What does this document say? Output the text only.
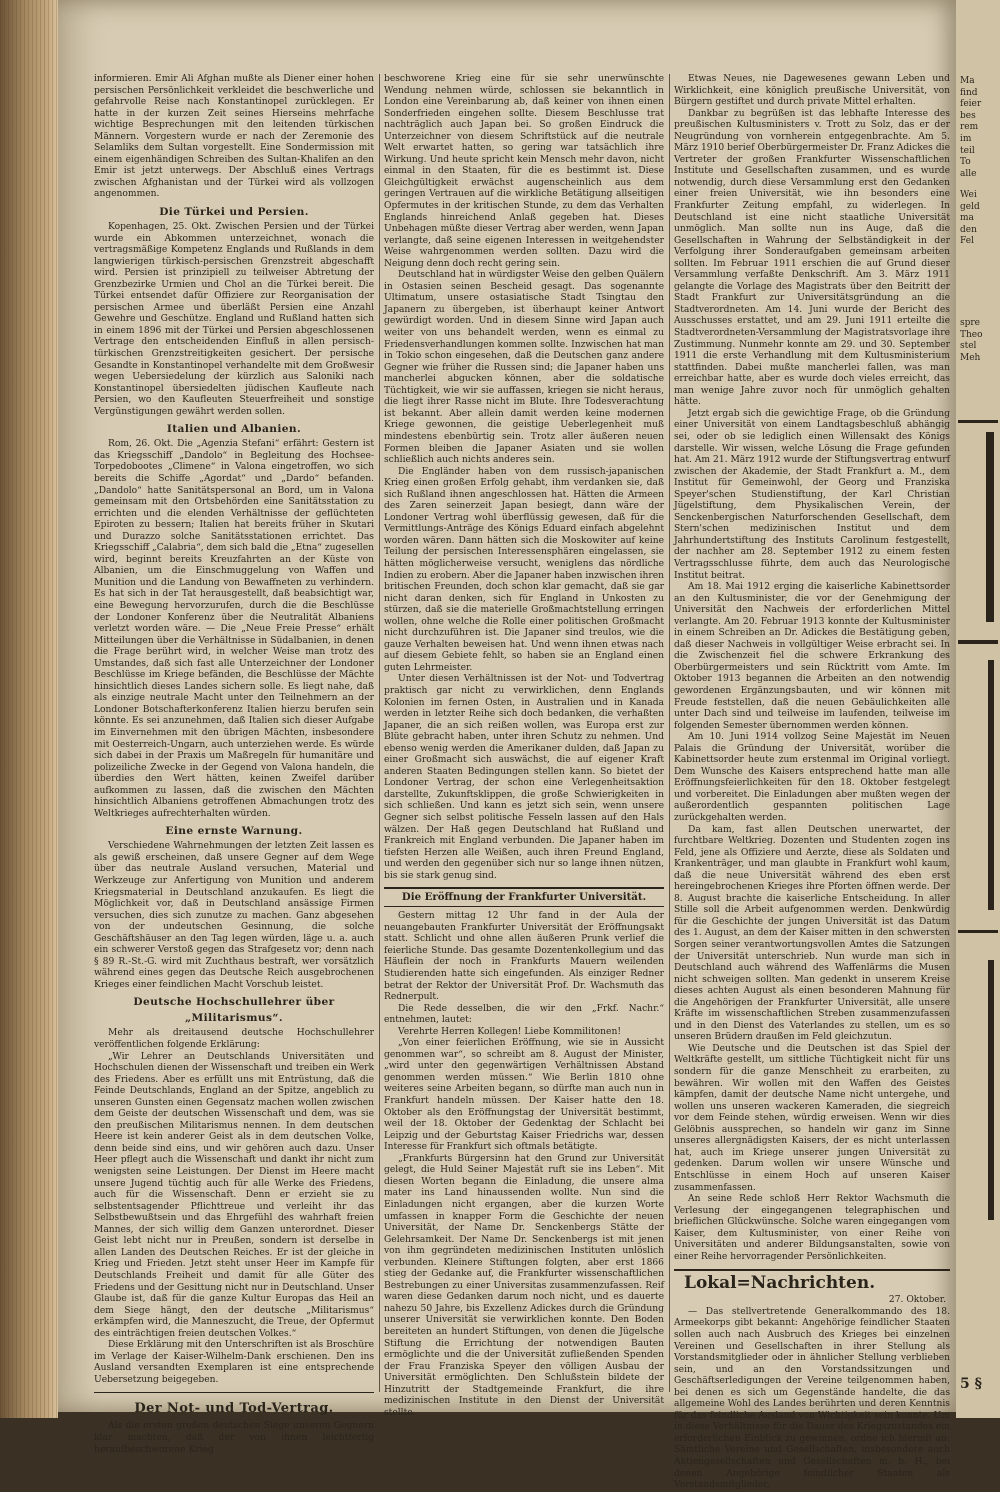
informieren. Emir Ali Afghan mußte als Diener einer hohen persischen Persönlichkeit verkleidet die beschwerliche und gefahrvolle Reise nach Konstantinopel zurücklegen. Er hatte in der kurzen Zeit seines Hierseins mehrfache wichtige Besprechungen mit den leitenden türkischen Männern. Vorgestern wurde er nach der Zeremonie des Selamliks dem Sultan vorgestellt. Eine Sondermission mit einem eigenhändigen Schreiben des Sultan-Khalifen an den Emir ist jetzt unterwegs. Der Abschluß eines Vertrags zwischen Afghanistan und der Türkei wird als vollzogen angenommen.

Die Türkei und Persien.

Kopenhagen, 25. Okt. Zwischen Persien und der Türkei wurde ein Abkommen unterzeichnet, wonach die vertragsmäßige Kompetenz Englands und Rußlands in dem langwierigen türkisch-persischen Grenzstreit abgeschafft wird. Persien ist prinzipiell zu teilweiser Abtretung der Grenzbezirke Urmien und Chol an die Türkei bereit. Die Türkei entsendet dafür Offiziere zur Reorganisation der persischen Armee und überläßt Persien eine Anzahl Gewehre und Geschütze. England und Rußland hatten sich in einem 1896 mit der Türkei und Persien abgeschlossenen Vertrage den entscheidenden Einfluß in allen persisch-türkischen Grenzstreitigkeiten gesichert. Der persische Gesandte in Konstantinopel verhandelte mit dem Großwesir wegen Uebersiedelung der kürzlich aus Saloniki nach Konstantinopel übersiedelten jüdischen Kaufleute nach Persien, wo den Kaufleuten Steuerfreiheit und sonstige Vergünstigungen gewährt werden sollen.

Italien und Albanien.

Rom, 26. Okt. Die „Agenzia Stefani“ erfährt: Gestern ist das Kriegsschiff „Dandolo“ in Begleitung des Hochsee-Torpedobootes „Climene“ in Valona eingetroffen, wo sich bereits die Schiffe „Agordat“ und „Dardo“ befanden. „Dandolo“ hatte Sanitätspersonal an Bord, um in Valona gemeinsam mit den Ortsbehörden eine Sanitätsstation zu errichten und die elenden Verhältnisse der geflüchteten Epiroten zu bessern; Italien hat bereits früher in Skutari und Durazzo solche Sanitätsstationen errichtet. Das Kriegsschiff „Calabria“, dem sich bald die „Etna“ zugesellen wird, beginnt bereits Kreuzfahrten an der Küste von Albanien, um die Einschmuggelung von Waffen und Munition und die Landung von Bewaffneten zu verhindern. Es hat sich in der Tat herausgestellt, daß beabsichtigt war, eine Bewegung hervorzurufen, durch die die Beschlüsse der Londoner Konferenz über die Neutralität Albaniens verletzt worden wäre. — Die „Neue Freie Presse“ erhält Mitteilungen über die Verhältnisse in Südalbanien, in denen die Frage berührt wird, in welcher Weise man trotz des Umstandes, daß sich fast alle Unterzeichner der Londoner Beschlüsse im Kriege befänden, die Beschlüsse der Mächte hinsichtlich dieses Landes sichern solle. Es liegt nahe, daß als einzige neutrale Macht unter den Teilnehmern an der Londoner Botschafterkonferenz Italien hierzu berufen sein könnte. Es sei anzunehmen, daß Italien sich dieser Aufgabe im Einvernehmen mit den übrigen Mächten, insbesondere mit Oesterreich-Ungarn, auch unterziehen werde. Es würde sich dabei in der Praxis um Maßregeln für humanitäre und polizeiliche Zwecke in der Gegend von Valona handeln, die überdies den Wert hätten, keinen Zweifel darüber aufkommen zu lassen, daß die zwischen den Mächten hinsichtlich Albaniens getroffenen Abmachungen trotz des Weltkrieges aufrechterhalten würden.

Eine ernste Warnung.

Verschiedene Wahrnehmungen der letzten Zeit lassen es als gewiß erscheinen, daß unsere Gegner auf dem Wege über das neutrale Ausland versuchen, Material und Werkzeuge zur Anfertigung von Munition und anderem Kriegsmaterial in Deutschland anzukaufen. Es liegt die Möglichkeit vor, daß in Deutschland ansässige Firmen versuchen, dies sich zunutze zu machen. Ganz abgesehen von der undeutschen Gesinnung, die solche Geschäftshäuser an den Tag legen würden, läge u. a. auch ein schwerer Verstoß gegen das Strafgesetz vor; denn nach § 89 R.-St.-G. wird mit Zuchthaus bestraft, wer vorsätzlich während eines gegen das Deutsche Reich ausgebrochenen Krieges einer feindlichen Macht Vorschub leistet.

Deutsche Hochschullehrer über „Militarismus“.

Mehr als dreitausend deutsche Hochschullehrer veröffentlichen folgende Erklärung:

„Wir Lehrer an Deutschlands Universitäten und Hochschulen dienen der Wissenschaft und treiben ein Werk des Friedens. Aber es erfüllt uns mit Entrüstung, daß die Feinde Deutschlands, England an der Spitze, angeblich zu unseren Gunsten einen Gegensatz machen wollen zwischen dem Geiste der deutschen Wissenschaft und dem, was sie den preußischen Militarismus nennen. In dem deutschen Heere ist kein anderer Geist als in dem deutschen Volke, denn beide sind eins, und wir gehören auch dazu. Unser Heer pflegt auch die Wissenschaft und dankt ihr nicht zum wenigsten seine Leistungen. Der Dienst im Heere macht unsere Jugend tüchtig auch für alle Werke des Friedens, auch für die Wissenschaft. Denn er erzieht sie zu selbstentsagender Pflichttreue und verleiht ihr das Selbstbewußtsein und das Ehrgefühl des wahrhaft freien Mannes, der sich willig dem Ganzen unterordnet. Dieser Geist lebt nicht nur in Preußen, sondern ist derselbe in allen Landen des Deutschen Reiches. Er ist der gleiche in Krieg und Frieden. Jetzt steht unser Heer im Kampfe für Deutschlands Freiheit und damit für alle Güter des Friedens und der Gesittung nicht nur in Deutschland. Unser Glaube ist, daß für die ganze Kultur Europas das Heil an dem Siege hängt, den der deutsche „Militarismus“ erkämpfen wird, die Manneszucht, die Treue, der Opfermut des einträchtigen freien deutschen Volkes.“

Diese Erklärung mit den Unterschriften ist als Broschüre im Verlage der Kaiser-Wilhelm-Dank erschienen. Den ins Ausland versandten Exemplaren ist eine entsprechende Uebersetzung beigegeben.

Der Not- und Tod-Vertrag.

Als die ersten großen deutschen Siege unseren Gegnern klar machten, daß der von ihnen leichtfertig heraufbeschworene Krieg

beschworene Krieg eine für sie sehr unerwünschte Wendung nehmen würde, schlossen sie bekanntlich in London eine Vereinbarung ab, daß keiner von ihnen einen Sonderfrieden eingehen sollte. Diesem Beschlusse trat nachträglich auch Japan bei. So großen Eindruck die Unterzeichner von diesem Schriftstück auf die neutrale Welt erwartet hatten, so gering war tatsächlich ihre Wirkung. Und heute spricht kein Mensch mehr davon, nicht einmal in den Staaten, für die es bestimmt ist. Diese Gleichgültigkeit erwächst augenscheinlich aus dem geringen Vertrauen auf die wirkliche Betätigung allseitigen Opfermutes in der kritischen Stunde, zu dem das Verhalten Englands hinreichend Anlaß gegeben hat. Dieses Unbehagen müßte dieser Vertrag aber werden, wenn Japan verlangte, daß seine eigenen Interessen in weitgehendster Weise wahrgenommen werden sollten. Dazu wird die Neigung denn doch recht gering sein.

Deutschland hat in würdigster Weise den gelben Quälern in Ostasien seinen Bescheid gesagt. Das sogenannte Ultimatum, unsere ostasiatische Stadt Tsingtau den Japanern zu übergeben, ist überhaupt keiner Antwort gewürdigt worden. Und in diesem Sinne wird Japan auch weiter von uns behandelt werden, wenn es einmal zu Friedensverhandlungen kommen sollte. Inzwischen hat man in Tokio schon eingesehen, daß die Deutschen ganz andere Gegner wie früher die Russen sind; die Japaner haben uns mancherlei abgucken können, aber die soldatische Tüchtigkeit, wie wir sie auffassen, kriegen sie nicht heraus, die liegt ihrer Rasse nicht im Blute. Ihre Todesverachtung ist bekannt. Aber allein damit werden keine modernen Kriege gewonnen, die geistige Ueberlegenheit muß mindestens ebenbürtig sein. Trotz aller äußeren neuen Formen bleiben die Japaner Asiaten und sie wollen schließlich auch nichts anderes sein.

Die Engländer haben von dem russisch-japanischen Krieg einen großen Erfolg gehabt, ihm verdanken sie, daß sich Rußland ihnen angeschlossen hat. Hätten die Armeen des Zaren seinerzeit Japan besiegt, dann wäre der Londoner Vertrag wohl überflüssig gewesen, daß für die Vermittlungs-Anträge des Königs Eduard einfach abgelehnt worden wären. Dann hätten sich die Moskowiter auf keine Teilung der persischen Interessensphären eingelassen, sie hätten möglicherweise versucht, weniglens das nördliche Indien zu erobern. Aber die Japaner haben inzwischen ihren britischen Freunden, doch schon klar gemacht, daß sie gar nicht daran denken, sich für England in Unkosten zu stürzen, daß sie die materielle Großmachtstellung erringen wollen, ohne welche die Rolle einer politischen Großmacht nicht durchzuführen ist. Die Japaner sind treulos, wie die gauze Verhalten beweisen hat. Und wenn ihnen etwas nach auf diesem Gebiete fehlt, so haben sie an England einen guten Lehrmeister.

Unter diesen Verhältnissen ist der Not- und Todvertrag praktisch gar nicht zu verwirklichen, denn Englands Kolonien im fernen Osten, in Australien und in Kanada werden in letzter Reihe sich doch bedanken, die verhaßten Japaner, die an sich reißen wollen, was Europa erst zur Blüte gebracht haben, unter ihren Schutz zu nehmen. Und ebenso wenig werden die Amerikaner dulden, daß Japan zu einer Großmacht sich auswächst, die auf eigener Kraft anderen Staaten Bedingungen stellen kann. So bietet der Londoner Vertrag, der schon eine Verlegenheitsaktion darstellte, Zukunftsklippen, die große Schwierigkeiten in sich schließen. Und kann es jetzt sich sein, wenn unsere Gegner sich selbst politische Fesseln lassen auf den Hals wälzen. Der Haß gegen Deutschland hat Rußland und Frankreich mit England verbunden. Die Japaner haben im tiefsten Herzen alle Weißen, auch ihren Freund England, und werden den gegenüber sich nur so lange ihnen nützen, bis sie stark genug sind.

Die Eröffnung der Frankfurter Universität.

Gestern mittag 12 Uhr fand in der Aula der neuangebauten Frankfurter Universität der Eröffnungsakt statt. Schlicht und ohne allen äußeren Prunk verlief die feierliche Stunde. Das gesamte Dozentenkollegium und das Häuflein der noch in Frankfurts Mauern weilenden Studierenden hatte sich eingefunden. Als einziger Redner betrat der Rektor der Universität Prof. Dr. Wachsmuth das Rednerpult.

Die Rede desselben, die wir den „Frkf. Nachr.“ entnehmen, lautet:

Verehrte Herren Kollegen! Liebe Kommilitonen!

„Von einer feierlichen Eröffnung, wie sie in Aussicht genommen war“, so schreibt am 8. August der Minister, „wird unter den gegenwärtigen Verhältnissen Abstand genommen werden müssen.“ Wie Berlin 1810 ohne weiteres seine Arbeiten begann, so dürfte man auch nun in Frankfurt handeln müssen. Der Kaiser hatte den 18. Oktober als den Eröffnungstag der Universität bestimmt, weil der 18. Oktober der Gedenktag der Schlacht bei Leipzig und der Geburtstag Kaiser Friedrichs war, dessen Interesse für Frankfurt sich oftmals betätigte.

„Frankfurts Bürgersinn hat den Grund zur Universität gelegt, die Huld Seiner Majestät ruft sie ins Leben“. Mit diesen Worten begann die Einladung, die unsere alma mater ins Land hinaussenden wollte. Nun sind die Einladungen nicht ergangen, aber die kurzen Worte umfassen in knapper Form die Geschichte der neuen Universität, der Name Dr. Senckenbergs Stätte der Gelehrsamkeit. Der Name Dr. Senckenbergs ist mit jenen von ihm gegründeten medizinischen Instituten unlöslich verbunden. Kleinere Stiftungen folgten, aber erst 1866 stieg der Gedanke auf, die Frankfurter wissenschaftlichen Bestrebungen zu einer Universitas zusammenzufassen. Reif waren diese Gedanken darum noch nicht, und es dauerte nahezu 50 Jahre, bis Exzellenz Adickes durch die Gründung unserer Universität sie verwirklichen konnte. Den Boden bereiteten an hundert Stiftungen, von denen die Jügelsche Stiftung die Errichtung der notwendigen Bauten ermöglichte und die der Universität zufließenden Spenden der Frau Franziska Speyer den völligen Ausbau der Universität ermöglichten. Den Schlußstein bildete der Hinzutritt der Stadtgemeinde Frankfurt, die ihre medizinischen Institute in den Dienst der Universität stellte.

Etwas Neues, nie Dagewesenes gewann Leben und Wirklichkeit, eine königlich preußische Universität, von Bürgern gestiftet und durch private Mittel erhalten.

Dankbar zu begrüßen ist das lebhafte Interesse des preußischen Kultusministers v. Trott zu Solz, das er der Neugründung von vornherein entgegenbrachte. Am 5. März 1910 berief Oberbürgermeister Dr. Franz Adickes die Vertreter der großen Frankfurter Wissenschaftlichen Institute und Gesellschaften zusammen, und es wurde notwendig, durch diese Versammlung erst den Gedanken einer freien Universität, wie ihn besonders eine Frankfurter Zeitung empfahl, zu widerlegen. In Deutschland ist eine nicht staatliche Universität unmöglich. Man sollte nun ins Auge, daß die Gesellschaften in Wahrung der Selbständigkeit in der Verfolgung ihrer Sonderaufgaben gemeinsam arbeiten sollten. Im Februar 1911 erschien die auf Grund dieser Versammlung verfaßte Denkschrift. Am 3. März 1911 gelangte die Vorlage des Magistrats über den Beitritt der Stadt Frankfurt zur Universitätsgründung an die Stadtverordneten. Am 14. Juni wurde der Bericht des Ausschusses erstattet, und am 29. Juni 1911 erteilte die Stadtverordneten-Versammlung der Magistratsvorlage ihre Zustimmung. Nunmehr konnte am 29. und 30. September 1911 die erste Verhandlung mit dem Kultusministerium stattfinden. Dabei mußte mancherlei fallen, was man erreichbar hatte, aber es wurde doch vieles erreicht, das man wenige Jahre zuvor noch für unmöglich gehalten hätte.

Jetzt ergab sich die gewichtige Frage, ob die Gründung einer Universität von einem Landtagsbeschluß abhängig sei, oder ob sie lediglich einen Willensakt des Königs darstelle. Wir wissen, welche Lösung die Frage gefunden hat. Am 21. März 1912 wurde der Stiftungsvertrag entwurf zwischen der Akademie, der Stadt Frankfurt a. M., dem Institut für Gemeinwohl, der Georg und Franziska Speyer'schen Studienstiftung, der Karl Christian Jügelstiftung, dem Physikalischen Verein, der Senckenbergischen Naturforschenden Gesellschaft, dem Stern'schen medizinischen Institut und dem Jahrhundertstiftung des Instituts Carolinum festgestellt, der nachher am 28. September 1912 zu einem festen Vertragsschlusse führte, dem auch das Neurologische Institut beitrat.

Am 18. Mai 1912 erging die kaiserliche Kabinettsorder an den Kultusminister, die vor der Genehmigung der Universität den Nachweis der erforderlichen Mittel verlangte. Am 20. Februar 1913 konnte der Kultusminister in einem Schreiben an Dr. Adickes die Bestätigung geben, daß dieser Nachweis in vollgültiger Weise erbracht sei. In die Zwischenzeit fiel die schwere Erkrankung des Oberbürgermeisters und sein Rücktritt vom Amte. Im Oktober 1913 begannen die Arbeiten an den notwendig gewordenen Ergänzungsbauten, und wir können mit Freude feststellen, daß die neuen Gebäulichkeiten alle unter Dach sind und teilweise im laufenden, teilweise im folgenden Semester übernommen werden können.

Am 10. Juni 1914 vollzog Seine Majestät im Neuen Palais die Gründung der Universität, worüber die Kabinettsorder heute zum erstenmal im Original vorliegt. Dem Wunsche des Kaisers entsprechend hatte man alle Eröffnungsfeierlichkeiten für den 18. Oktober festgelegt und vorbereitet. Die Einladungen aber mußten wegen der außerordentlich gespannten politischen Lage zurückgehalten werden.

Da kam, fast allen Deutschen unerwartet, der furchtbare Weltkrieg. Dozenten und Studenten zogen ins Feld, jene als Offiziere und Aerzte, diese als Soldaten und Krankenträger, und man glaubte in Frankfurt wohl kaum, daß die neue Universität während des eben erst hereingebrochenen Krieges ihre Pforten öffnen werde. Der 8. August brachte die kaiserliche Entscheidung. In aller Stille soll die Arbeit aufgenommen werden. Denkwürdig für die Geschichte der jungen Universität ist das Datum des 1. August, an dem der Kaiser mitten in den schwersten Sorgen seiner verantwortungsvollen Amtes die Satzungen der Universität unterschrieb. Nun wurde man sich in Deutschland auch während des Waffenlärms die Musen nicht schweigen sollten. Man gedenkt in unserem Kreise dieses achten August als einen besonderen Mahnung für die Angehörigen der Frankfurter Universität, alle unsere Kräfte im wissenschaftlichen Streben zusammenzufassen und in den Dienst des Vaterlandes zu stellen, um es so unseren Brüdern draußen im Feld gleichzutun.

Wie Deutsche und die Deutschen ist das Spiel der Weltkräfte gestellt, um sittliche Tüchtigkeit nicht für uns sondern für die ganze Menschheit zu erarbeiten, zu bewähren. Wir wollen mit den Waffen des Geistes kämpfen, damit der deutsche Name nicht untergehe, und wollen uns unseren wackeren Kameraden, die siegreich vor dem Feinde stehen, würdig erweisen. Wenn wir dies Gelöbnis aussprechen, so handeln wir ganz im Sinne unseres allergnädigsten Kaisers, der es nicht unterlassen hat, auch im Kriege unserer jungen Universität zu gedenken. Darum wollen wir unsere Wünsche und Entschlüsse in einem Hoch auf unseren Kaiser zusammenfassen.

An seine Rede schloß Herr Rektor Wachsmuth die Verlesung der eingegangenen telegraphischen und brieflichen Glückwünsche. Solche waren eingegangen vom Kaiser, dem Kultusminister, von einer Reihe von Universitäten und anderer Bildungsanstalten, sowie von einer Reihe hervorragender Persönlichkeiten.

Lokal=Nachrichten.
27. Oktober.

— Das stellvertretende Generalkommando des 18. Armeekorps gibt bekannt: Angehörige feindlicher Staaten sollen auch nach Ausbruch des Krieges bei einzelnen Vereinen und Gesellschaften in ihrer Stellung als Vorstandsmitglieder oder in ähnlicher Stellung verblieben sein, und an den Vorstandssitzungen und Geschäftserledigungen der Vereine teilgenommen haben, bei denen es sich um Gegenstände handelte, die das allgemeine Wohl des Landes berührten und deren Kenntnis für das feindliche Ausland von Wichtigkeit sein konnte. Um in diese Verhältnisse für die Dauer des Kriegszustandes ein erforderlichen Einblick zu gewinnen, ordne ich hiermit an: Sämtliche Vereine und Gesellschaften, insbesondere auch Aktiengesellschaften und Gesellschaften m. b. H., bei denen Angehörige feindlicher Staaten als Vorstandsmitglieder,

Ma
find
feier
bes
rem
im
teil
To
alle
Wei
geld
ma
den
Fel
spre
Theo
stel
Meh
5 §
